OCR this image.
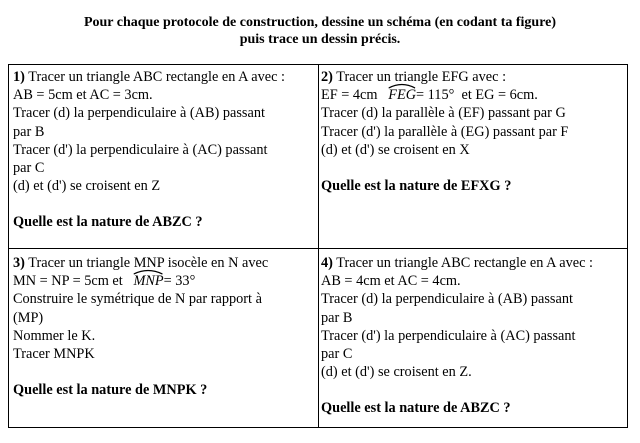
Pour chaque protocole de construction, dessine un schéma (en codant ta figure)
puis trace un dessin précis.
1) Tracer un triangle ABC rectangle en A avec :
AB = 5cm et AC = 3cm.
Tracer (d) la perpendiculaire à (AB) passant
par B
Tracer (d') la perpendiculaire à (AC) passant
par C
(d) et (d') se croisent en Z
Quelle est la nature de ABZC ?
2) Tracer un triangle EFG avec :
EF = 4cm FEG= 115° et EG = 6cm.
Tracer (d) la parallèle à (EF) passant par G
Tracer (d') la parallèle à (EG) passant par F
(d) et (d') se croisent en X
Quelle est la nature de EFXG ?
3) Tracer un triangle MNP isocèle en N avec
MN = NP = 5cm et MNP= 33°
Construire le symétrique de N par rapport à
(MP)
Nommer le K.
Tracer MNPK
Quelle est la nature de MNPK ?
4) Tracer un triangle ABC rectangle en A avec :
AB = 4cm et AC = 4cm.
Tracer (d) la perpendiculaire à (AB) passant
par B
Tracer (d') la perpendiculaire à (AC) passant
par C
(d) et (d') se croisent en Z.
Quelle est la nature de ABZC ?
